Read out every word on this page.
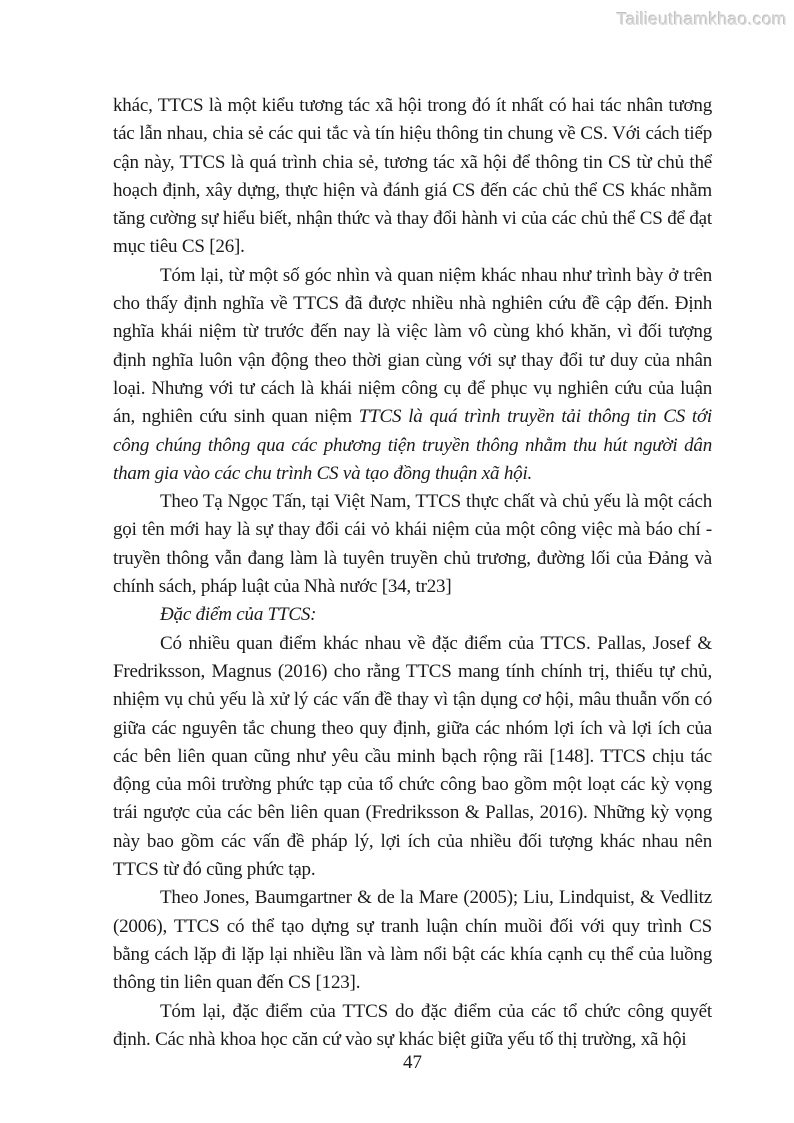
Tailieuthamkhao.com

khác, TTCS là một kiểu tương tác xã hội trong đó ít nhất có hai tác nhân tương tác lẫn nhau, chia sẻ các qui tắc và tín hiệu thông tin chung về CS. Với cách tiếp cận này, TTCS là quá trình chia sẻ, tương tác xã hội để thông tin CS từ chủ thể hoạch định, xây dựng, thực hiện và đánh giá CS đến các chủ thể CS khác nhằm tăng cường sự hiểu biết, nhận thức và thay đổi hành vi của các chủ thể CS để đạt mục tiêu CS [26].

Tóm lại, từ một số góc nhìn và quan niệm khác nhau như trình bày ở trên cho thấy định nghĩa về TTCS đã được nhiều nhà nghiên cứu đề cập đến. Định nghĩa khái niệm từ trước đến nay là việc làm vô cùng khó khăn, vì đối tượng định nghĩa luôn vận động theo thời gian cùng với sự thay đổi tư duy của nhân loại. Nhưng với tư cách là khái niệm công cụ để phục vụ nghiên cứu của luận án, nghiên cứu sinh quan niệm TTCS là quá trình truyền tải thông tin CS tới công chúng thông qua các phương tiện truyền thông nhằm thu hút người dân tham gia vào các chu trình CS và tạo đồng thuận xã hội.

Theo Tạ Ngọc Tấn, tại Việt Nam, TTCS thực chất và chủ yếu là một cách gọi tên mới hay là sự thay đổi cái vỏ khái niệm của một công việc mà báo chí - truyền thông vẫn đang làm là tuyên truyền chủ trương, đường lối của Đảng và chính sách, pháp luật của Nhà nước [34, tr23]

Đặc điểm của TTCS:

Có nhiều quan điểm khác nhau về đặc điểm của TTCS. Pallas, Josef & Fredriksson, Magnus (2016) cho rằng TTCS mang tính chính trị, thiếu tự chủ, nhiệm vụ chủ yếu là xử lý các vấn đề thay vì tận dụng cơ hội, mâu thuẫn vốn có giữa các nguyên tắc chung theo quy định, giữa các nhóm lợi ích và lợi ích của các bên liên quan cũng như yêu cầu minh bạch rộng rãi [148]. TTCS chịu tác động của môi trường phức tạp của tổ chức công bao gồm một loạt các kỳ vọng trái ngược của các bên liên quan (Fredriksson & Pallas, 2016). Những kỳ vọng này bao gồm các vấn đề pháp lý, lợi ích của nhiều đối tượng khác nhau nên TTCS từ đó cũng phức tạp.

Theo Jones, Baumgartner & de la Mare (2005); Liu, Lindquist, & Vedlitz (2006), TTCS có thể tạo dựng sự tranh luận chín muồi đối với quy trình CS bằng cách lặp đi lặp lại nhiều lần và làm nổi bật các khía cạnh cụ thể của luồng thông tin liên quan đến CS [123].

Tóm lại, đặc điểm của TTCS do đặc điểm của các tổ chức công quyết định. Các nhà khoa học căn cứ vào sự khác biệt giữa yếu tố thị trường, xã hội

47
